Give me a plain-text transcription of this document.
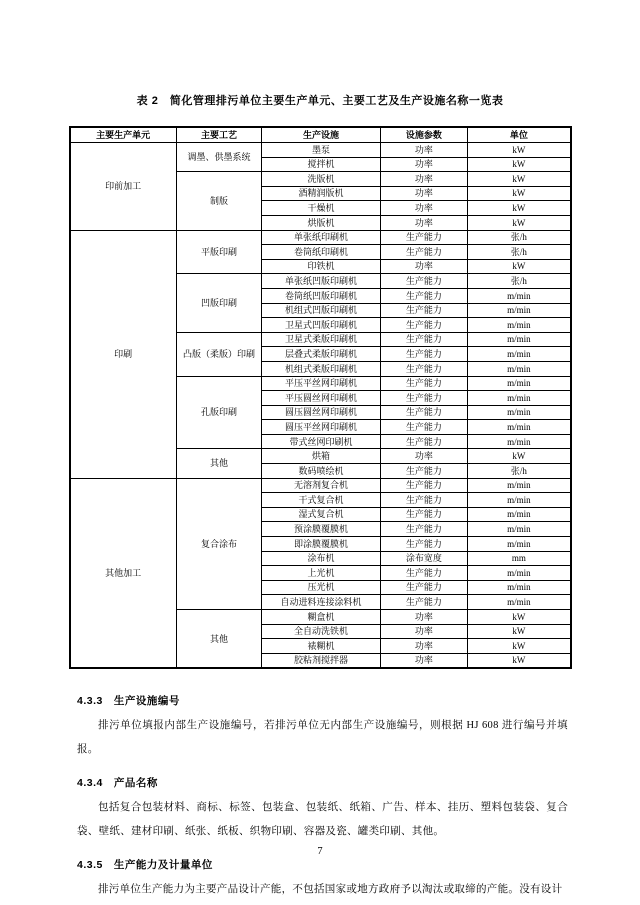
表 2　简化管理排污单位主要生产单元、主要工艺及生产设施名称一览表
主要生产单元	主要工艺	生产设施	设施参数	单位
印前加工	调墨、供墨系统	墨泵	功率	kW
		搅拌机	功率	kW
	制版	洗版机	功率	kW
		酒精润版机	功率	kW
		干燥机	功率	kW
		烘版机	功率	kW
印刷	平版印刷	单张纸印刷机	生产能力	张/h
		卷筒纸印刷机	生产能力	张/h
		印铁机	功率	kW
	凹版印刷	单张纸凹版印刷机	生产能力	张/h
		卷筒纸凹版印刷机	生产能力	m/min
		机组式凹版印刷机	生产能力	m/min
		卫星式凹版印刷机	生产能力	m/min
	凸版（柔版）印刷	卫星式柔版印刷机	生产能力	m/min
		层叠式柔版印刷机	生产能力	m/min
		机组式柔版印刷机	生产能力	m/min
	孔版印刷	平压平丝网印刷机	生产能力	m/min
		平压圆丝网印刷机	生产能力	m/min
		圆压圆丝网印刷机	生产能力	m/min
		圆压平丝网印刷机	生产能力	m/min
		带式丝网印刷机	生产能力	m/min
	其他	烘箱	功率	kW
		数码喷绘机	生产能力	张/h
其他加工	复合涂布	无溶剂复合机	生产能力	m/min
		干式复合机	生产能力	m/min
		湿式复合机	生产能力	m/min
		预涂膜覆膜机	生产能力	m/min
		即涂膜覆膜机	生产能力	m/min
		涂布机	涂布宽度	mm
		上光机	生产能力	m/min
		压光机	生产能力	m/min
		自动进料连接涂料机	生产能力	m/min
	其他	糊盒机	功率	kW
		全自动洗铁机	功率	kW
		裱糊机	功率	kW
		胶粘剂搅拌器	功率	kW
4.3.3　生产设施编号

排污单位填报内部生产设施编号，若排污单位无内部生产设施编号，则根据 HJ 608 进行编号并填报。

4.3.4　产品名称

包括复合包装材料、商标、标签、包装盒、包装纸、纸箱、广告、样本、挂历、塑料包装袋、复合袋、壁纸、建材印刷、纸张、纸板、织物印刷、容器及瓷、罐类印刷、其他。

4.3.5　生产能力及计量单位

排污单位生产能力为主要产品设计产能，不包括国家或地方政府予以淘汰或取缔的产能。没有设计

7
